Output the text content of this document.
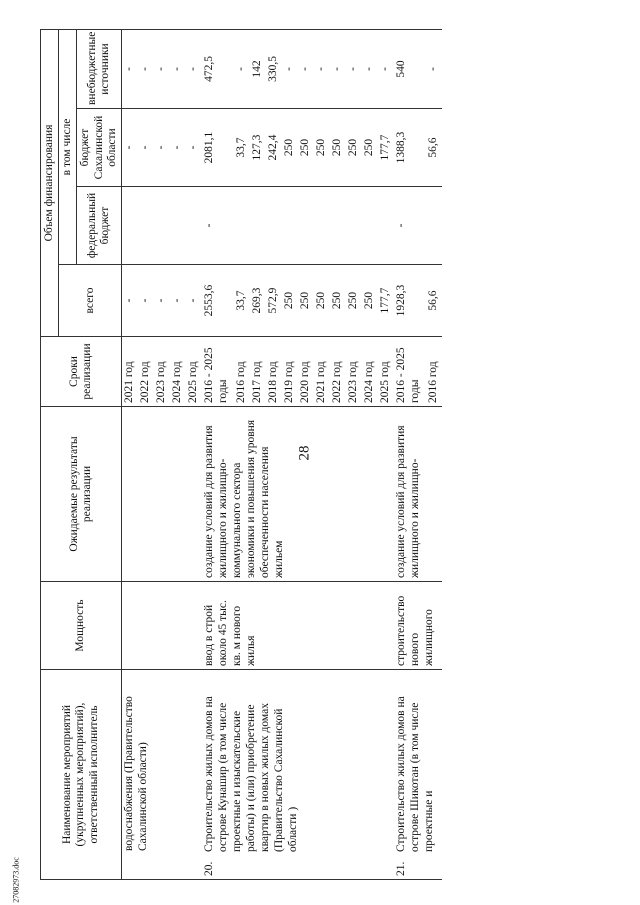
28
27082973.doc
Наименование мероприятий (укрупненных мероприятий), ответственный исполнитель	Мощность	Ожидаемые результаты реализации	Сроки реализации	Объем финансирования			
				всего	в том числе		
					федеральный бюджет	бюджет Сахалинской области	внебюджетные источники
водоснабжения (Правительство Сахалинской области)			2021 год	-		-	-
			2022 год	-		-	-
			2023 год	-		-	-
			2024 год	-		-	-
			2025 год	-		-	-

20.
Строительство жилых домов на острове Кунашир (в том числе проектные и изыскательские работы) и (или) приобретение квартир в новых жилых домах (Правительство Сахалинской области )	ввод в строй около 45 тыс. кв. м нового жилья	создание условий для развития жилищного и жилищно-коммунального сектора экономики и повышения уровня обеспеченности населения жильем	2016 - 2025 годы	2553,6	-	2081,1	472,5
			2016 год	33,7		33,7	-
			2017 год	269,3		127,3	142
			2018 год	572,9		242,4	330,5
			2019 год	250		250	-
			2020 год	250		250	-
			2021 год	250		250	-
			2022 год	250		250	-
			2023 год	250		250	-
			2024 год	250		250	-
			2025 год	177,7		177,7	-

21.
Строительство жилых домов на острове Шикотан (в том числе проектные и	строительство нового жилищного	создание условий для развития жилищного и жилищно-	2016 - 2025 годы	1928,3	-	1388,3	540
			2016 год	56,6		56,6	-
